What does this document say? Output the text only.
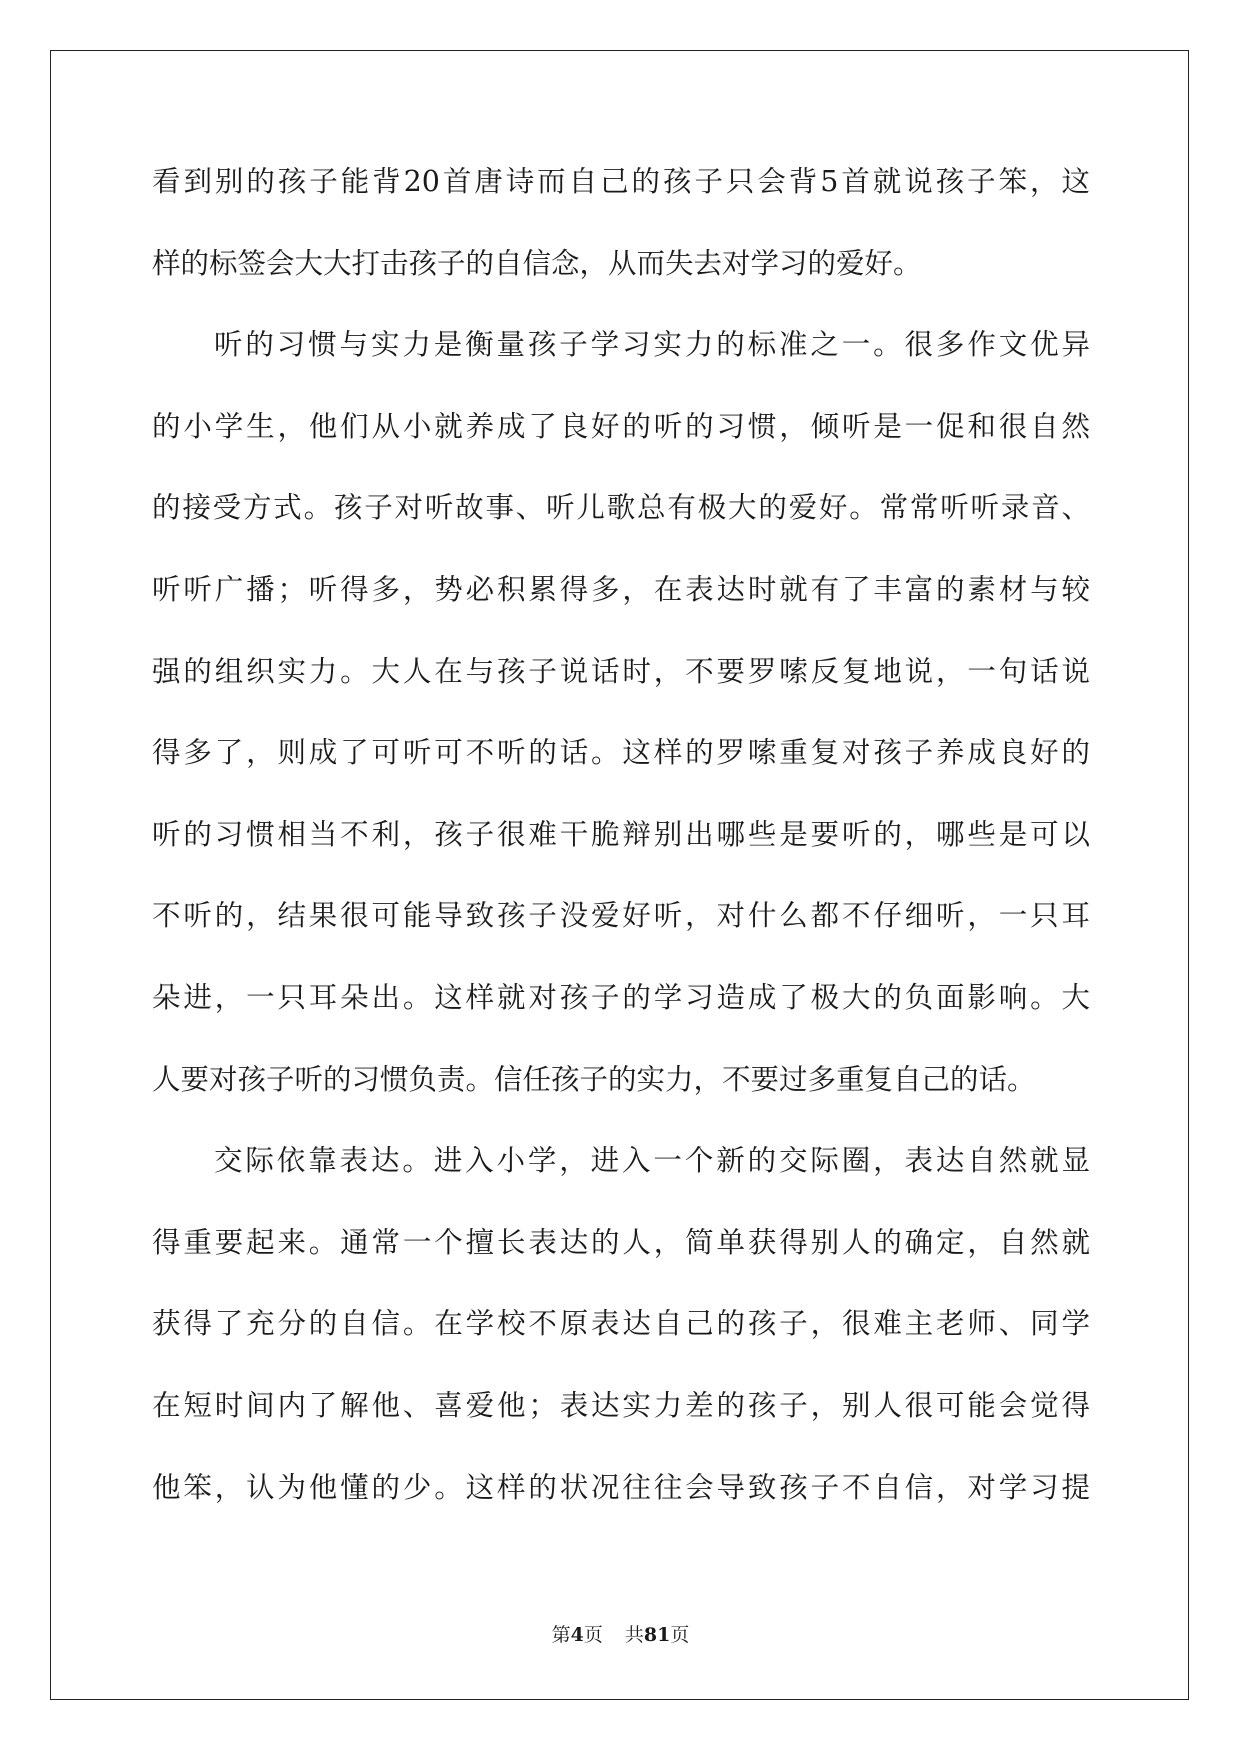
看到别的孩子能背20首唐诗而自己的孩子只会背5首就说孩子笨，这
样的标签会大大打击孩子的自信念，从而失去对学习的爱好。
听的习惯与实力是衡量孩子学习实力的标准之一。很多作文优异
的小学生，他们从小就养成了良好的听的习惯，倾听是一促和很自然
的接受方式。孩子对听故事、听儿歌总有极大的爱好。常常听听录音、
听听广播；听得多，势必积累得多，在表达时就有了丰富的素材与较
强的组织实力。大人在与孩子说话时，不要罗嗦反复地说，一句话说
得多了，则成了可听可不听的话。这样的罗嗦重复对孩子养成良好的
听的习惯相当不利，孩子很难干脆辩别出哪些是要听的，哪些是可以
不听的，结果很可能导致孩子没爱好听，对什么都不仔细听，一只耳
朵进，一只耳朵出。这样就对孩子的学习造成了极大的负面影响。大
人要对孩子听的习惯负责。信任孩子的实力，不要过多重复自己的话。
交际依靠表达。进入小学，进入一个新的交际圈，表达自然就显
得重要起来。通常一个擅长表达的人，简单获得别人的确定，自然就
获得了充分的自信。在学校不原表达自己的孩子，很难主老师、同学
在短时间内了解他、喜爱他；表达实力差的孩子，别人很可能会觉得
他笨，认为他懂的少。这样的状况往往会导致孩子不自信，对学习提
第4页 共81页
